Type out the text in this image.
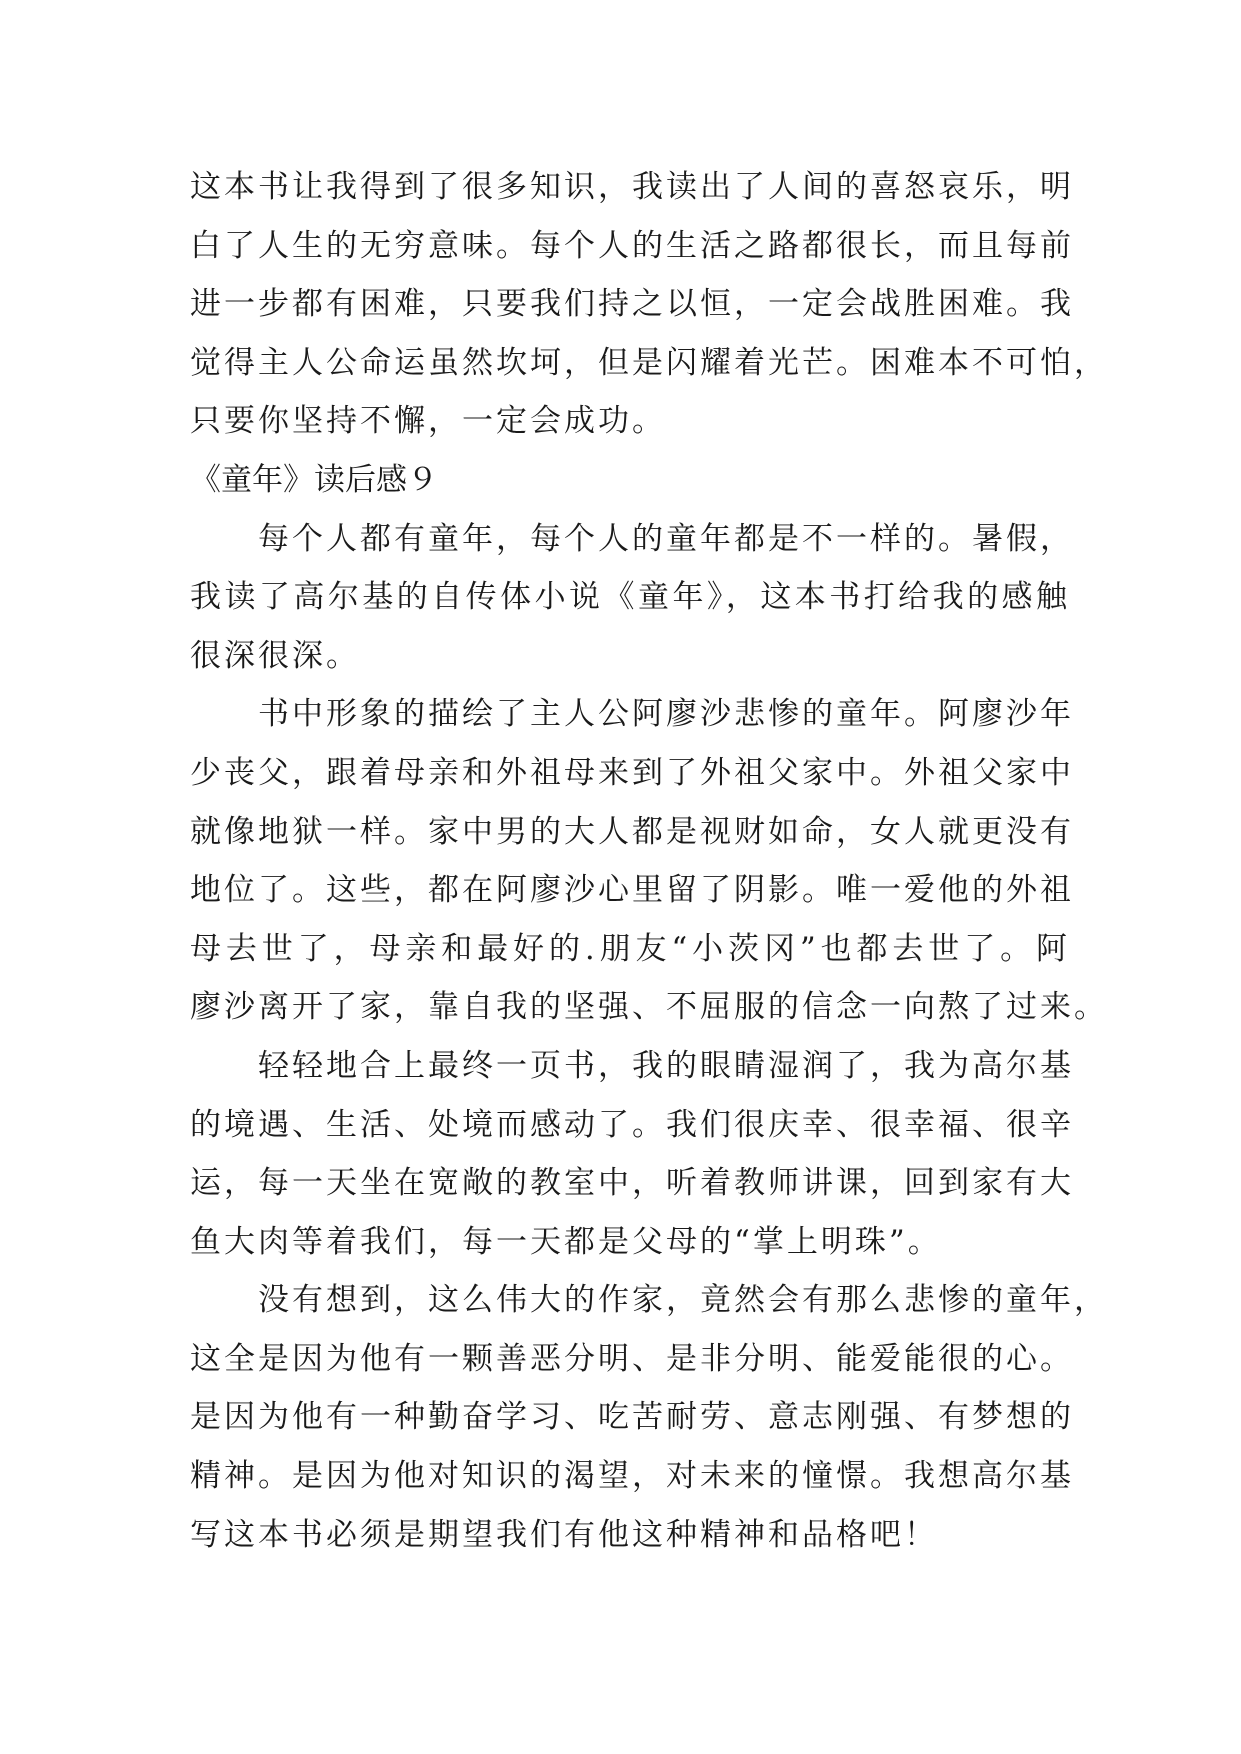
这本书让我得到了很多知识，我读出了人间的喜怒哀乐，明
白了人生的无穷意味。每个人的生活之路都很长，而且每前
进一步都有困难，只要我们持之以恒，一定会战胜困难。我
觉得主人公命运虽然坎坷，但是闪耀着光芒。困难本不可怕，
只要你坚持不懈，一定会成功。
《童年》读后感９
每个人都有童年，每个人的童年都是不一样的。暑假，
我读了高尔基的自传体小说《童年》，这本书打给我的感触
很深很深。
书中形象的描绘了主人公阿廖沙悲惨的童年。阿廖沙年
少丧父，跟着母亲和外祖母来到了外祖父家中。外祖父家中
就像地狱一样。家中男的大人都是视财如命，女人就更没有
地位了。这些，都在阿廖沙心里留了阴影。唯一爱他的外祖
母去世了，母亲和最好的.朋友“小茨冈”也都去世了。阿
廖沙离开了家，靠自我的坚强、不屈服的信念一向熬了过来。
轻轻地合上最终一页书，我的眼睛湿润了，我为高尔基
的境遇、生活、处境而感动了。我们很庆幸、很幸福、很辛
运，每一天坐在宽敞的教室中，听着教师讲课，回到家有大
鱼大肉等着我们，每一天都是父母的“掌上明珠”。
没有想到，这么伟大的作家，竟然会有那么悲惨的童年，
这全是因为他有一颗善恶分明、是非分明、能爱能很的心。
是因为他有一种勤奋学习、吃苦耐劳、意志刚强、有梦想的
精神。是因为他对知识的渴望，对未来的憧憬。我想高尔基
写这本书必须是期望我们有他这种精神和品格吧！
